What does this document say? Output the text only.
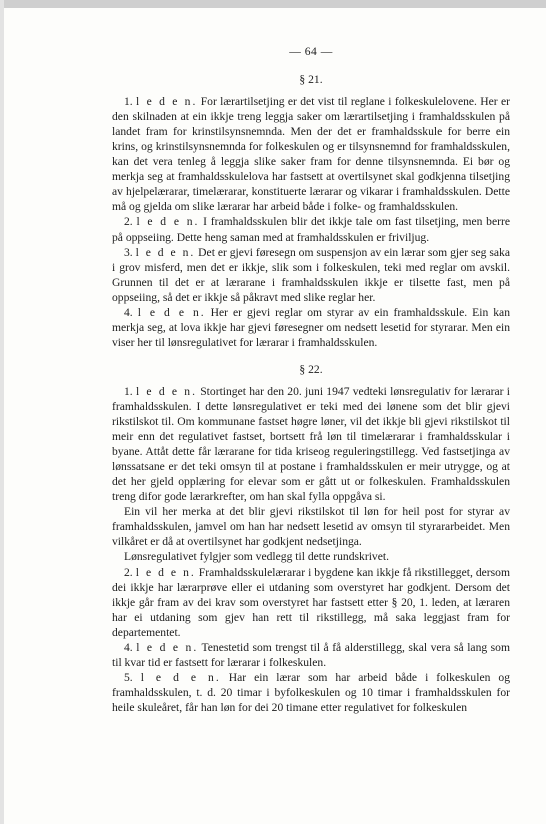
— 64 —
§ 21.

1. l e d e n. For lærartilsetjing er det vist til reglane i folkeskulelovene. Her er den skilnaden at ein ikkje treng leggja saker om lærartilsetjing i framhaldsskulen på landet fram for krinstilsynsnemnda. Men der det er framhaldsskule for berre ein krins, og krinstilsynsnemnda for folkeskulen og er tilsynsnemnd for framhaldsskulen, kan det vera tenleg å leggja slike saker fram for denne tilsynsnemnda. Ei bør og merkja seg at framhaldsskulelova har fastsett at overtilsynet skal godkjenna tilsetjing av hjelpelærarar, timelærarar, konstituerte lærarar og vikarar i framhaldsskulen. Dette må og gjelda om slike lærarar har arbeid både i folke- og framhaldsskulen.

2. l e d e n. I framhaldsskulen blir det ikkje tale om fast tilsetjing, men berre på oppseiing. Dette heng saman med at framhaldsskulen er friviljug.

3. l e d e n. Det er gjevi føresegn om suspensjon av ein lærar som gjer seg saka i grov misferd, men det er ikkje, slik som i folkeskulen, teki med reglar om avskil. Grunnen til det er at lærarane i framhaldsskulen ikkje er tilsette fast, men på oppseiing, så det er ikkje så påkravt med slike reglar her.

4. l e d e n. Her er gjevi reglar om styrar av ein framhaldsskule. Ein kan merkja seg, at lova ikkje har gjevi føresegner om nedsett lesetid for styrarar. Men ein viser her til lønsregulativet for lærarar i framhaldsskulen.

§ 22.

1. l e d e n. Stortinget har den 20. juni 1947 vedteki lønsregulativ for lærarar i framhaldsskulen. I dette lønsregulativet er teki med dei lønene som det blir gjevi rikstilskot til. Om kommunane fastset høgre løner, vil det ikkje bli gjevi rikstilskot til meir enn det regulativet fastset, bortsett frå løn til timelærarar i framhaldsskular i byane. Attåt dette får lærarane for tida kriseog reguleringstillegg. Ved fastsetjinga av lønssatsane er det teki omsyn til at postane i framhaldsskulen er meir utrygge, og at det her gjeld opplæring for elevar som er gått ut or folkeskulen. Framhaldsskulen treng difor gode lærarkrefter, om han skal fylla oppgåva si.

Ein vil her merka at det blir gjevi rikstilskot til løn for heil post for styrar av framhaldsskulen, jamvel om han har nedsett lesetid av omsyn til styrararbeidet. Men vilkåret er då at overtilsynet har godkjent nedsetjinga.

Lønsregulativet fylgjer som vedlegg til dette rundskrivet.

2. l e d e n. Framhaldsskulelærarar i bygdene kan ikkje få rikstillegget, dersom dei ikkje har lærarprøve eller ei utdaning som overstyret har godkjent. Dersom det ikkje går fram av dei krav som overstyret har fastsett etter § 20, 1. leden, at læraren har ei utdaning som gjev han rett til rikstillegg, må saka leggjast fram for departementet.

4. l e d e n. Tenestetid som trengst til å få alderstillegg, skal vera så lang som til kvar tid er fastsett for lærarar i folkeskulen.

5. l e d e n. Har ein lærar som har arbeid både i folkeskulen og framhaldsskulen, t. d. 20 timar i byfolkeskulen og 10 timar i framhaldsskulen for heile skuleåret, får han løn for dei 20 timane etter regulativet for folkeskulen
